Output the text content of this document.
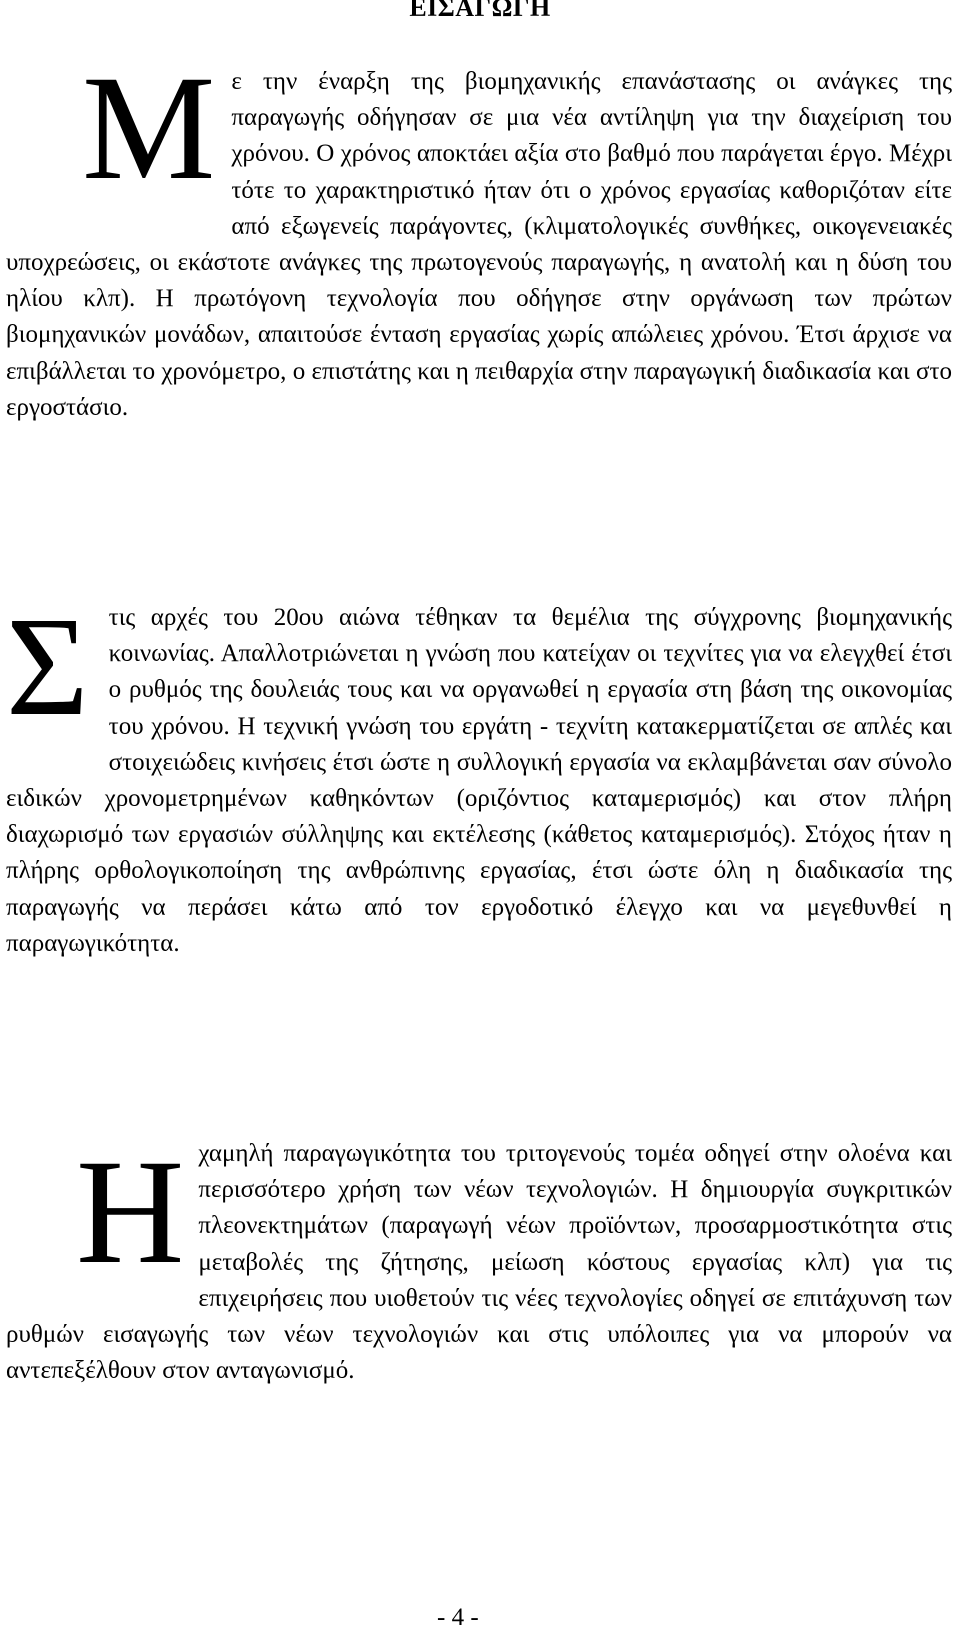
ΕΙΣΑΓΩΓΗ
Μ ε την έναρξη της βιομηχανικής επανάστασης οι ανάγκες της παραγωγής οδήγησαν σε μια νέα αντίληψη για την διαχείριση του χρόνου. Ο χρόνος αποκτάει αξία στο βαθμό που παράγεται έργο. Μέχρι τότε το χαρακτηριστικό ήταν ότι ο χρόνος εργασίας καθοριζόταν είτε από εξωγενείς παράγοντες, (κλιματολογικές συνθήκες, οικογενειακές υποχρεώσεις, οι εκάστοτε ανάγκες της πρωτογενούς παραγωγής, η ανατολή και η δύση του ηλίου κλπ). Η πρωτόγονη τεχνολογία που οδήγησε στην οργάνωση των πρώτων βιομηχανικών μονάδων, απαιτούσε ένταση εργασίας χωρίς απώλειες χρόνου. Έτσι άρχισε να επιβάλλεται το χρονόμετρο, ο επιστάτης και η πειθαρχία στην παραγωγική διαδικασία και στο εργοστάσιο.
Σ τις αρχές του 20ου αιώνα τέθηκαν τα θεμέλια της σύγχρονης βιομηχανικής κοινωνίας. Απαλλοτριώνεται η γνώση που κατείχαν οι τεχνίτες για να ελεγχθεί έτσι ο ρυθμός της δουλειάς τους και να οργανωθεί η εργασία στη βάση της οικονομίας του χρόνου. Η τεχνική γνώση του εργάτη - τεχνίτη κατακερματίζεται σε απλές και στοιχειώδεις κινήσεις έτσι ώστε η συλλογική εργασία να εκλαμβάνεται σαν σύνολο ειδικών χρονομετρημένων καθηκόντων (οριζόντιος καταμερισμός) και στον πλήρη διαχωρισμό των εργασιών σύλληψης και εκτέλεσης (κάθετος καταμερισμός). Στόχος ήταν η πλήρης ορθολογικοποίηση της ανθρώπινης εργασίας, έτσι ώστε όλη η διαδικασία της παραγωγής να περάσει κάτω από τον εργοδοτικό έλεγχο και να μεγεθυνθεί η παραγωγικότητα.
Η χαμηλή παραγωγικότητα του τριτογενούς τομέα οδηγεί στην ολοένα και περισσότερο χρήση των νέων τεχνολογιών. Η δημιουργία συγκριτικών πλεονεκτημάτων (παραγωγή νέων προϊόντων, προσαρμοστικότητα στις μεταβολές της ζήτησης, μείωση κόστους εργασίας κλπ) για τις επιχειρήσεις που υιοθετούν τις νέες τεχνολογίες οδηγεί σε επιτάχυνση των ρυθμών εισαγωγής των νέων τεχνολογιών και στις υπόλοιπες για να μπορούν να αντεπεξέλθουν στον ανταγωνισμό.
- 4 -
